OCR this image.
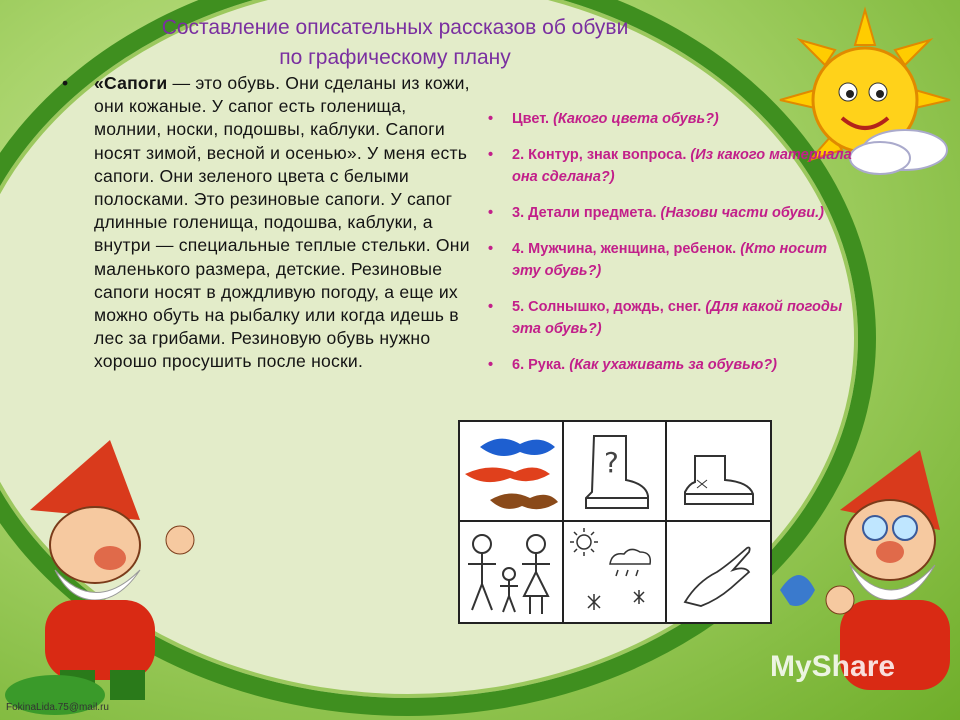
Составление описательных рассказов об обуви
по графическому плану
• «Сапоги — это обувь. Они сделаны из кожи, они кожаные. У сапог есть голенища, молнии, носки, подошвы, каблуки. Сапоги носят зимой, весной и осенью». У меня есть сапоги. Они зеленого цвета с белыми полосками. Это резиновые сапоги. У сапог длинные голенища, подошва, каблуки, а внутри — специальные теплые стельки. Они маленького размера, детские. Резиновые сапоги носят в дождливую погоду, а еще их можно обуть на рыбалку или когда идешь в лес за грибами. Резиновую обувь нужно хорошо просушить после носки.
• Цвет. (Какого цвета обувь?)
• 2. Контур, знак вопроса. (Из какого материала она сделана?)
• 3. Детали предмета. (Назови части обуви.)
• 4. Мужчина, женщина, ребенок. (Кто носит эту обувь?)
• 5. Солнышко, дождь, снег. (Для какой погоды эта обувь?)
• 6. Рука. (Как ухаживать за обувью?)
?
MyShare
FokinaLida.75@mail.ru
